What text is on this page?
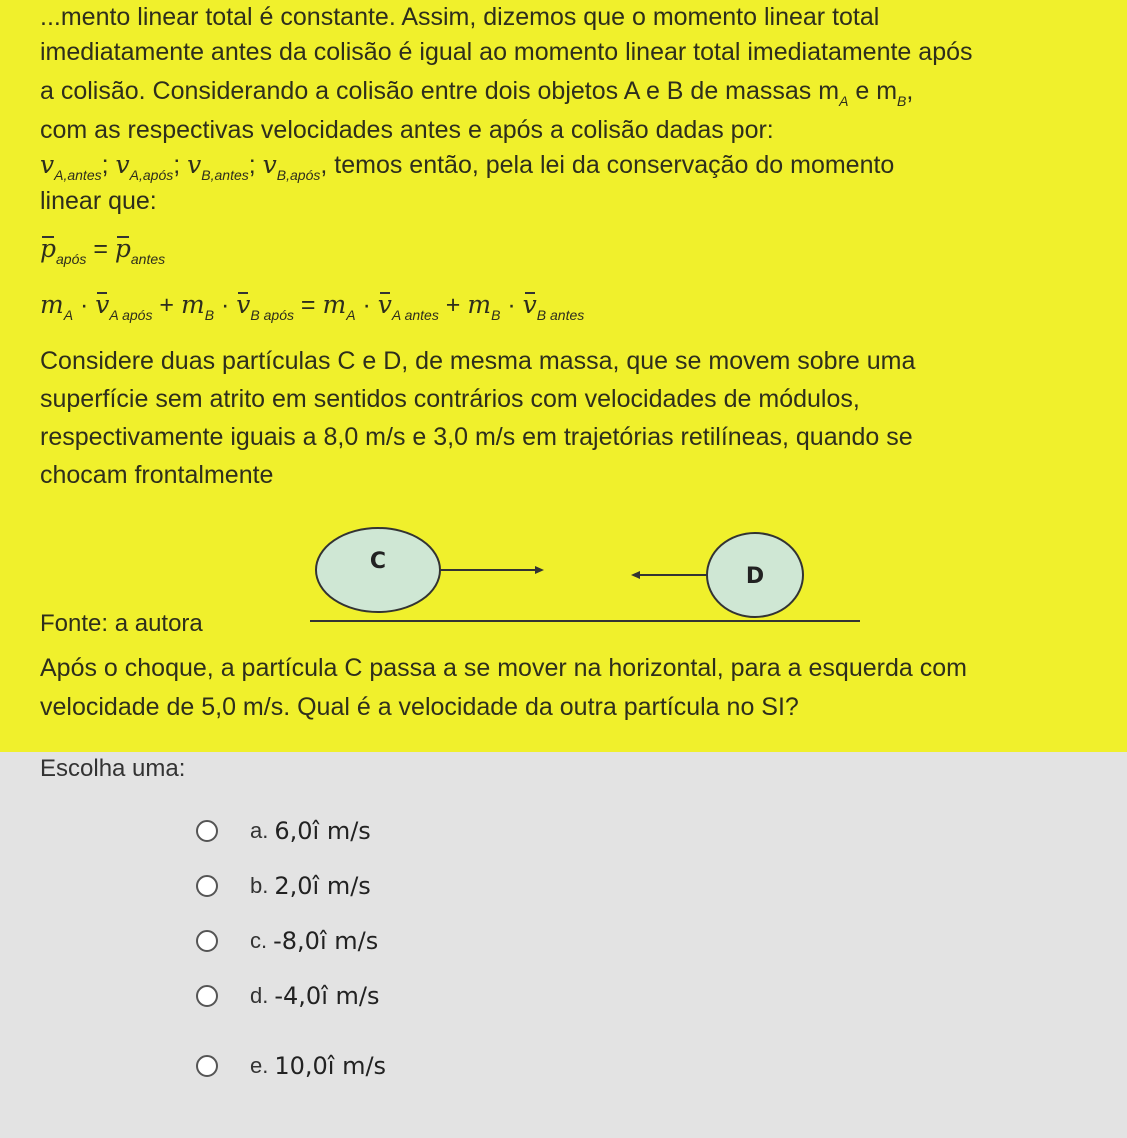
...mento linear total é constante. Assim, dizemos que o momento linear total
imediatamente antes da colisão é igual ao momento linear total imediatamente após
a colisão. Considerando a colisão entre dois objetos A e B de massas $m_A$ e $m_B$,
com as respectivas velocidades antes e após a colisão dadas por:
$v_{A,antes}$; $v_{A,após}$; $v_{B,antes}$; $v_{B,após}$, temos então, pela lei da conservação do momento
linear que:
$p_{após} = p_{antes}$
$m_A \cdot v_{A após} + m_B \cdot v_{B após} = m_A \cdot v_{A antes} + m_B \cdot v_{B antes}$
Considere duas partículas C e D, de mesma massa, que se movem sobre uma
superfície sem atrito em sentidos contrários com velocidades de módulos,
respectivamente iguais a 8,0 m/s e 3,0 m/s em trajetórias retilíneas, quando se
chocam frontalmente
C
D
Fonte: a autora
Após o choque, a partícula C passa a se mover na horizontal, para a esquerda com
velocidade de 5,0 m/s. Qual é a velocidade da outra partícula no SI?
Escolha uma:
a. 6,0î m/s
b. 2,0î m/s
c. -8,0î m/s
d. -4,0î m/s
e. 10,0î m/s
